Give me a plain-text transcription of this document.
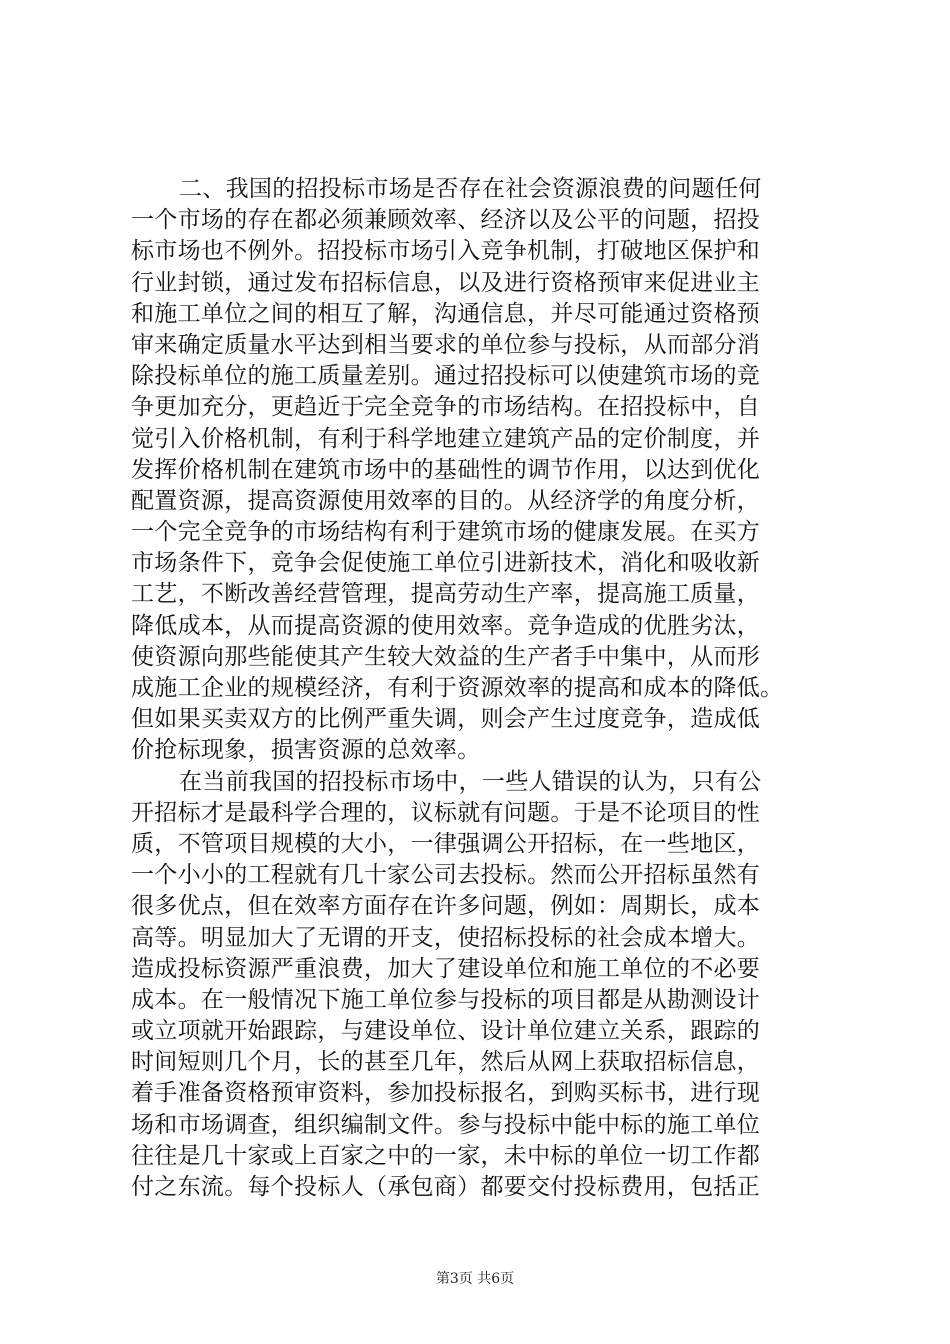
二、我国的招投标市场是否存在社会资源浪费的问题任何
一个市场的存在都必须兼顾效率、经济以及公平的问题，招投
标市场也不例外。招投标市场引入竞争机制，打破地区保护和
行业封锁，通过发布招标信息，以及进行资格预审来促进业主
和施工单位之间的相互了解，沟通信息，并尽可能通过资格预
审来确定质量水平达到相当要求的单位参与投标，从而部分消
除投标单位的施工质量差别。通过招投标可以使建筑市场的竞
争更加充分，更趋近于完全竞争的市场结构。在招投标中，自
觉引入价格机制，有利于科学地建立建筑产品的定价制度，并
发挥价格机制在建筑市场中的基础性的调节作用，以达到优化
配置资源，提高资源使用效率的目的。从经济学的角度分析，
一个完全竞争的市场结构有利于建筑市场的健康发展。在买方
市场条件下，竞争会促使施工单位引进新技术，消化和吸收新
工艺，不断改善经营管理，提高劳动生产率，提高施工质量，
降低成本，从而提高资源的使用效率。竞争造成的优胜劣汰，
使资源向那些能使其产生较大效益的生产者手中集中，从而形
成施工企业的规模经济，有利于资源效率的提高和成本的降低。
但如果买卖双方的比例严重失调，则会产生过度竞争，造成低
价抢标现象，损害资源的总效率。
在当前我国的招投标市场中，一些人错误的认为，只有公
开招标才是最科学合理的，议标就有问题。于是不论项目的性
质，不管项目规模的大小，一律强调公开招标，在一些地区，
一个小小的工程就有几十家公司去投标。然而公开招标虽然有
很多优点，但在效率方面存在许多问题，例如：周期长，成本
高等。明显加大了无谓的开支，使招标投标的社会成本增大。
造成投标资源严重浪费，加大了建设单位和施工单位的不必要
成本。在一般情况下施工单位参与投标的项目都是从勘测设计
或立项就开始跟踪，与建设单位、设计单位建立关系，跟踪的
时间短则几个月，长的甚至几年，然后从网上获取招标信息，
着手准备资格预审资料，参加投标报名，到购买标书，进行现
场和市场调查，组织编制文件。参与投标中能中标的施工单位
往往是几十家或上百家之中的一家，未中标的单位一切工作都
付之东流。每个投标人（承包商）都要交付投标费用，包括正
第3页 共6页
